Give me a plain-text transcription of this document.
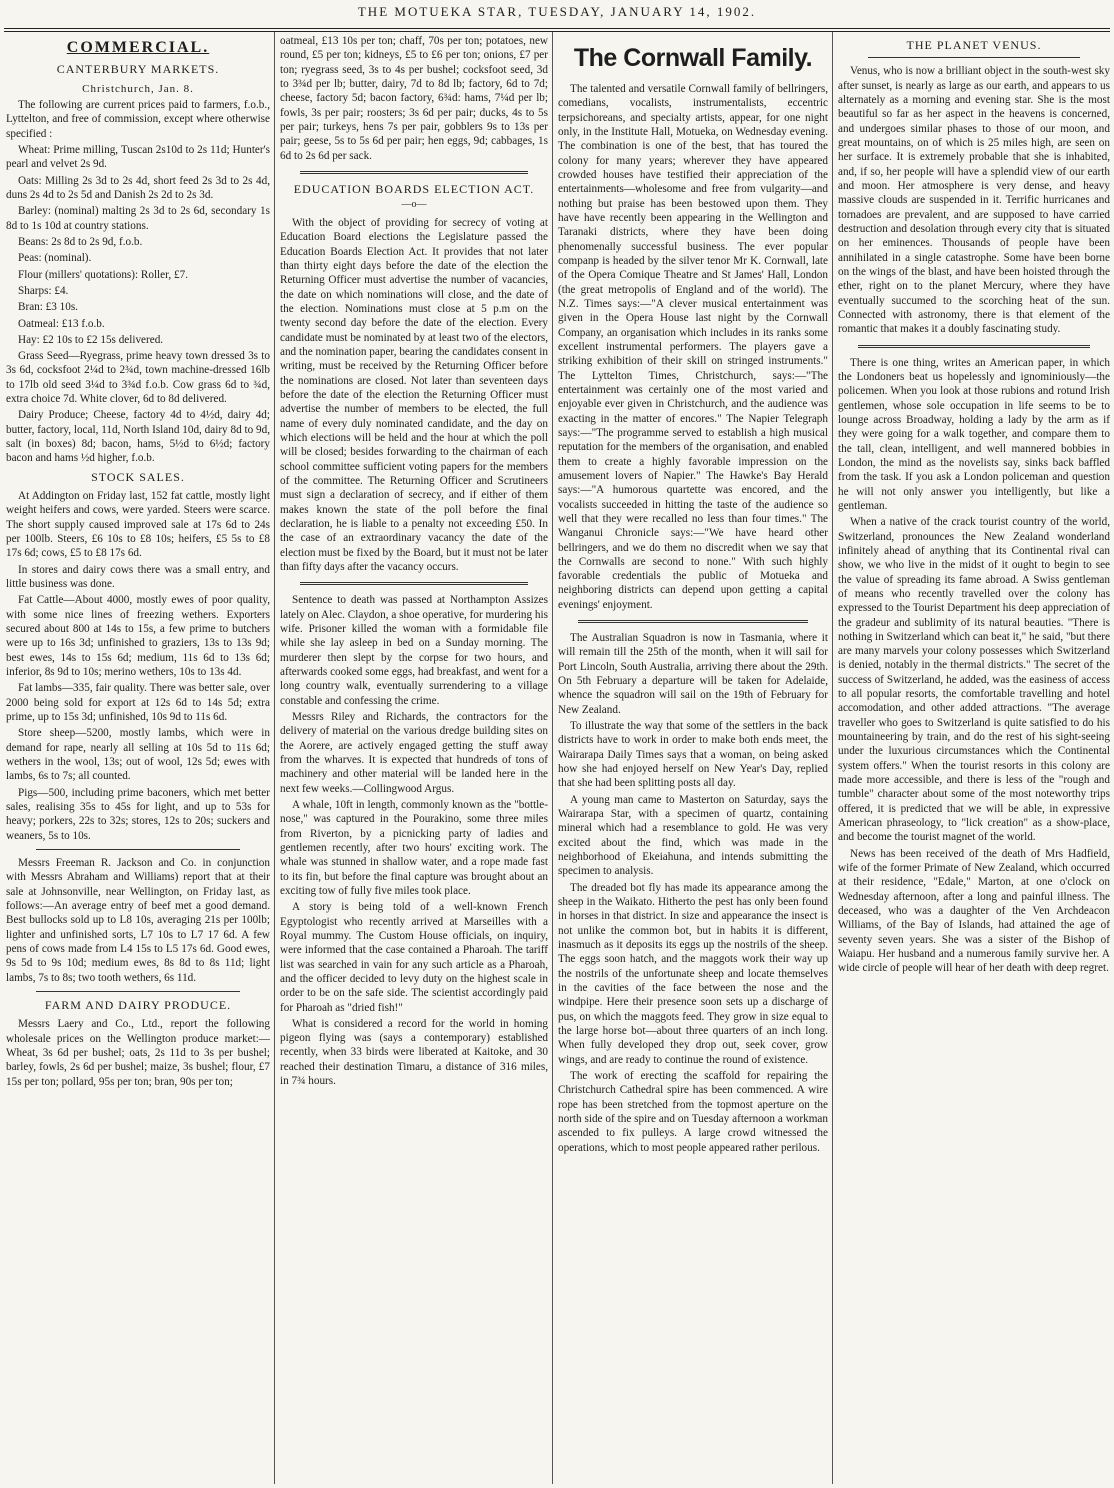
THE MOTUEKA STAR, TUESDAY, JANUARY 14, 1902.
COMMERCIAL.
CANTERBURY MARKETS.

Christchurch, Jan. 8.

The following are current prices paid to farmers, f.o.b., Lyttelton, and free of commission, except where otherwise specified :

Wheat: Prime milling, Tuscan 2s10d to 2s 11d; Hunter's pearl and velvet 2s 9d.

Oats: Milling 2s 3d to 2s 4d, short feed 2s 3d to 2s 4d, duns 2s 4d to 2s 5d and Danish 2s 2d to 2s 3d.

Barley: (nominal) malting 2s 3d to 2s 6d, secondary 1s 8d to 1s 10d at country stations.

Beans: 2s 8d to 2s 9d, f.o.b.

Peas: (nominal).

Flour (millers' quotations): Roller, £7.

Sharps: £4.

Bran: £3 10s.

Oatmeal: £13 f.o.b.

Hay: £2 10s to £2 15s delivered.

Grass Seed—Ryegrass, prime heavy town dressed 3s to 3s 6d, cocksfoot 2¼d to 2¾d, town machine-dressed 16lb to 17lb old seed 3¼d to 3¾d f.o.b. Cow grass 6d to ¾d, extra choice 7d. White clover, 6d to 8d delivered.

Dairy Produce; Cheese, factory 4d to 4½d, dairy 4d; butter, factory, local, 11d, North Island 10d, dairy 8d to 9d, salt (in boxes) 8d; bacon, hams, 5½d to 6½d; factory bacon and hams ½d higher, f.o.b.

STOCK SALES.

At Addington on Friday last, 152 fat cattle, mostly light weight heifers and cows, were yarded. Steers were scarce. The short supply caused improved sale at 17s 6d to 24s per 100lb. Steers, £6 10s to £8 10s; heifers, £5 5s to £8 17s 6d; cows, £5 to £8 17s 6d.

In stores and dairy cows there was a small entry, and little business was done.

Fat Cattle—About 4000, mostly ewes of poor quality, with some nice lines of freezing wethers. Exporters secured about 800 at 14s to 15s, a few prime to butchers were up to 16s 3d; unfinished to graziers, 13s to 13s 9d; best ewes, 14s to 15s 6d; medium, 11s 6d to 13s 6d; inferior, 8s 9d to 10s; merino wethers, 10s to 13s 4d.

Fat lambs—335, fair quality. There was better sale, over 2000 being sold for export at 12s 6d to 14s 5d; extra prime, up to 15s 3d; unfinished, 10s 9d to 11s 6d.

Store sheep—5200, mostly lambs, which were in demand for rape, nearly all selling at 10s 5d to 11s 6d; wethers in the wool, 13s; out of wool, 12s 5d; ewes with lambs, 6s to 7s; all counted.

Pigs—500, including prime baconers, which met better sales, realising 35s to 45s for light, and up to 53s for heavy; porkers, 22s to 32s; stores, 12s to 20s; suckers and weaners, 5s to 10s.

Messrs Freeman R. Jackson and Co. in conjunction with Messrs Abraham and Williams) report that at their sale at Johnsonville, near Wellington, on Friday last, as follows:—An average entry of beef met a good demand. Best bullocks sold up to L8 10s, averaging 21s per 100lb; lighter and unfinished sorts, L7 10s to L7 17 6d. A few pens of cows made from L4 15s to L5 17s 6d. Good ewes, 9s 5d to 9s 10d; medium ewes, 8s 8d to 8s 11d; light lambs, 7s to 8s; two tooth wethers, 6s 11d.

FARM AND DAIRY PRODUCE.

Messrs Laery and Co., Ltd., report the following wholesale prices on the Wellington produce market:—Wheat, 3s 6d per bushel; oats, 2s 11d to 3s per bushel; barley, fowls, 2s 6d per bushel; maize, 3s bushel; flour, £7 15s per ton; pollard, 95s per ton; bran, 90s per ton;

oatmeal, £13 10s per ton; chaff, 70s per ton; potatoes, new round, £5 per ton; kidneys, £5 to £6 per ton; onions, £7 per ton; ryegrass seed, 3s to 4s per bushel; cocksfoot seed, 3d to 3¾d per lb; butter, dairy, 7d to 8d lb; factory, 6d to 7d; cheese, factory 5d; bacon factory, 6¾d: hams, 7¼d per lb; fowls, 3s per pair; roosters; 3s 6d per pair; ducks, 4s to 5s per pair; turkeys, hens 7s per pair, gobblers 9s to 13s per pair; geese, 5s to 5s 6d per pair; hen eggs, 9d; cabbages, 1s 6d to 2s 6d per sack.

EDUCATION BOARDS ELECTION ACT.

—o—

With the object of providing for secrecy of voting at Education Board elections the Legislature passed the Education Boards Election Act. It provides that not later than thirty eight days before the date of the election the Returning Officer must advertise the number of vacancies, the date on which nominations will close, and the date of the election. Nominations must close at 5 p.m on the twenty second day before the date of the election. Every candidate must be nominated by at least two of the electors, and the nomination paper, bearing the candidates consent in writing, must be received by the Returning Officer before the nominations are closed. Not later than seventeen days before the date of the election the Returning Officer must advertise the number of members to be elected, the full name of every duly nominated candidate, and the day on which elections will be held and the hour at which the poll will be closed; besides forwarding to the chairman of each school committee sufficient voting papers for the members of the committee. The Returning Officer and Scrutineers must sign a declaration of secrecy, and if either of them makes known the state of the poll before the final declaration, he is liable to a penalty not exceeding £50. In the case of an extraordinary vacancy the date of the election must be fixed by the Board, but it must not be later than fifty days after the vacancy occurs.

Sentence to death was passed at Northampton Assizes lately on Alec. Claydon, a shoe operative, for murdering his wife. Prisoner killed the woman with a formidable file while she lay asleep in bed on a Sunday morning. The murderer then slept by the corpse for two hours, and afterwards cooked some eggs, had breakfast, and went for a long country walk, eventually surrendering to a village constable and confessing the crime.

Messrs Riley and Richards, the contractors for the delivery of material on the various dredge building sites on the Aorere, are actively engaged getting the stuff away from the wharves. It is expected that hundreds of tons of machinery and other material will be landed here in the next few weeks.—Collingwood Argus.

A whale, 10ft in length, commonly known as the "bottle-nose," was captured in the Pourakino, some three miles from Riverton, by a picnicking party of ladies and gentlemen recently, after two hours' exciting work. The whale was stunned in shallow water, and a rope made fast to its fin, but before the final capture was brought about an exciting tow of fully five miles took place.

A story is being told of a well-known French Egyptologist who recently arrived at Marseilles with a Royal mummy. The Custom House officials, on inquiry, were informed that the case contained a Pharoah. The tariff list was searched in vain for any such article as a Pharoah, and the officer decided to levy duty on the highest scale in order to be on the safe side. The scientist accordingly paid for Pharoah as "dried fish!"

What is considered a record for the world in homing pigeon flying was (says a contemporary) established recently, when 33 birds were liberated at Kaitoke, and 30 reached their destination Timaru, a distance of 316 miles, in 7¾ hours.

The Cornwall Family.

The talented and versatile Cornwall family of bellringers, comedians, vocalists, instrumentalists, eccentric terpsichoreans, and specialty artists, appear, for one night only, in the Institute Hall, Motueka, on Wednesday evening. The combination is one of the best, that has toured the colony for many years; wherever they have appeared crowded houses have testified their appreciation of the entertainments—wholesome and free from vulgarity—and nothing but praise has been bestowed upon them. They have have recently been appearing in the Wellington and Taranaki districts, where they have been doing phenomenally successful business. The ever popular companp is headed by the silver tenor Mr K. Cornwall, late of the Opera Comique Theatre and St James' Hall, London (the great metropolis of England and of the world). The N.Z. Times says:—"A clever musical entertainment was given in the Opera House last night by the Cornwall Company, an organisation which includes in its ranks some excellent instrumental performers. The players gave a striking exhibition of their skill on stringed instruments." The Lyttelton Times, Christchurch, says:—"The entertainment was certainly one of the most varied and enjoyable ever given in Christchurch, and the audience was exacting in the matter of encores." The Napier Telegraph says:—"The programme served to establish a high musical reputation for the members of the organisation, and enabled them to create a highly favorable impression on the amusement lovers of Napier." The Hawke's Bay Herald says:—"A humorous quartette was encored, and the vocalists succeeded in hitting the taste of the audience so well that they were recalled no less than four times." The Wanganui Chronicle says:—"We have heard other bellringers, and we do them no discredit when we say that the Cornwalls are second to none." With such highly favorable credentials the public of Motueka and neighboring districts can depend upon getting a capital evenings' enjoyment.

The Australian Squadron is now in Tasmania, where it will remain till the 25th of the month, when it will sail for Port Lincoln, South Australia, arriving there about the 29th. On 5th February a departure will be taken for Adelaide, whence the squadron will sail on the 19th of February for New Zealand.

To illustrate the way that some of the settlers in the back districts have to work in order to make both ends meet, the Wairarapa Daily Times says that a woman, on being asked how she had enjoyed herself on New Year's Day, replied that she had been splitting posts all day.

A young man came to Masterton on Saturday, says the Wairarapa Star, with a specimen of quartz, containing mineral which had a resemblance to gold. He was very excited about the find, which was made in the neighborhood of Ekeiahuna, and intends submitting the specimen to analysis.

The dreaded bot fly has made its appearance among the sheep in the Waikato. Hitherto the pest has only been found in horses in that district. In size and appearance the insect is not unlike the common bot, but in habits it is different, inasmuch as it deposits its eggs up the nostrils of the sheep. The eggs soon hatch, and the maggots work their way up the nostrils of the unfortunate sheep and locate themselves in the cavities of the face between the nose and the windpipe. Here their presence soon sets up a discharge of pus, on which the maggots feed. They grow in size equal to the large horse bot—about three quarters of an inch long. When fully developed they drop out, seek cover, grow wings, and are ready to continue the round of existence.

The work of erecting the scaffold for repairing the Christchurch Cathedral spire has been commenced. A wire rope has been stretched from the topmost aperture on the north side of the spire and on Tuesday afternoon a workman ascended to fix pulleys. A large crowd witnessed the operations, which to most people appeared rather perilous.

THE PLANET VENUS.

Venus, who is now a brilliant object in the south-west sky after sunset, is nearly as large as our earth, and appears to us alternately as a morning and evening star. She is the most beautiful so far as her aspect in the heavens is concerned, and undergoes similar phases to those of our moon, and great mountains, on of which is 25 miles high, are seen on her surface. It is extremely probable that she is inhabited, and, if so, her people will have a splendid view of our earth and moon. Her atmosphere is very dense, and heavy massive clouds are suspended in it. Terrific hurricanes and tornadoes are prevalent, and are supposed to have carried destruction and desolation through every city that is situated on her eminences. Thousands of people have been annihilated in a single catastrophe. Some have been borne on the wings of the blast, and have been hoisted through the ether, right on to the planet Mercury, where they have eventually succumed to the scorching heat of the sun. Connected with astronomy, there is that element of the romantic that makes it a doubly fascinating study.

There is one thing, writes an American paper, in which the Londoners beat us hopelessly and ignominiously—the policemen. When you look at those rubions and rotund Irish gentlemen, whose sole occupation in life seems to be to lounge across Broadway, holding a lady by the arm as if they were going for a walk together, and compare them to the tall, clean, intelligent, and well mannered bobbies in London, the mind as the novelists say, sinks back baffled from the task. If you ask a London policeman and question he will not only answer you intelligently, but like a gentleman.

When a native of the crack tourist country of the world, Switzerland, pronounces the New Zealand wonderland infinitely ahead of anything that its Continental rival can show, we who live in the midst of it ought to begin to see the value of spreading its fame abroad. A Swiss gentleman of means who recently travelled over the colony has expressed to the Tourist Department his deep appreciation of the gradeur and sublimity of its natural beauties. "There is nothing in Switzerland which can beat it," he said, "but there are many marvels your colony possesses which Switzerland is denied, notably in the thermal districts." The secret of the success of Switzerland, he added, was the easiness of access to all popular resorts, the comfortable travelling and hotel accomodation, and other added attractions. "The average traveller who goes to Switzerland is quite satisfied to do his mountaineering by train, and do the rest of his sight-seeing under the luxurious circumstances which the Continental system offers." When the tourist resorts in this colony are made more accessible, and there is less of the "rough and tumble" character about some of the most noteworthy trips offered, it is predicted that we will be able, in expressive American phraseology, to "lick creation" as a show-place, and become the tourist magnet of the world.

News has been received of the death of Mrs Hadfield, wife of the former Primate of New Zealand, which occurred at their residence, "Edale," Marton, at one o'clock on Wednesday afternoon, after a long and painful illness. The deceased, who was a daughter of the Ven Archdeacon Williams, of the Bay of Islands, had attained the age of seventy seven years. She was a sister of the Bishop of Waiapu. Her husband and a numerous family survive her. A wide circle of people will hear of her death with deep regret.
